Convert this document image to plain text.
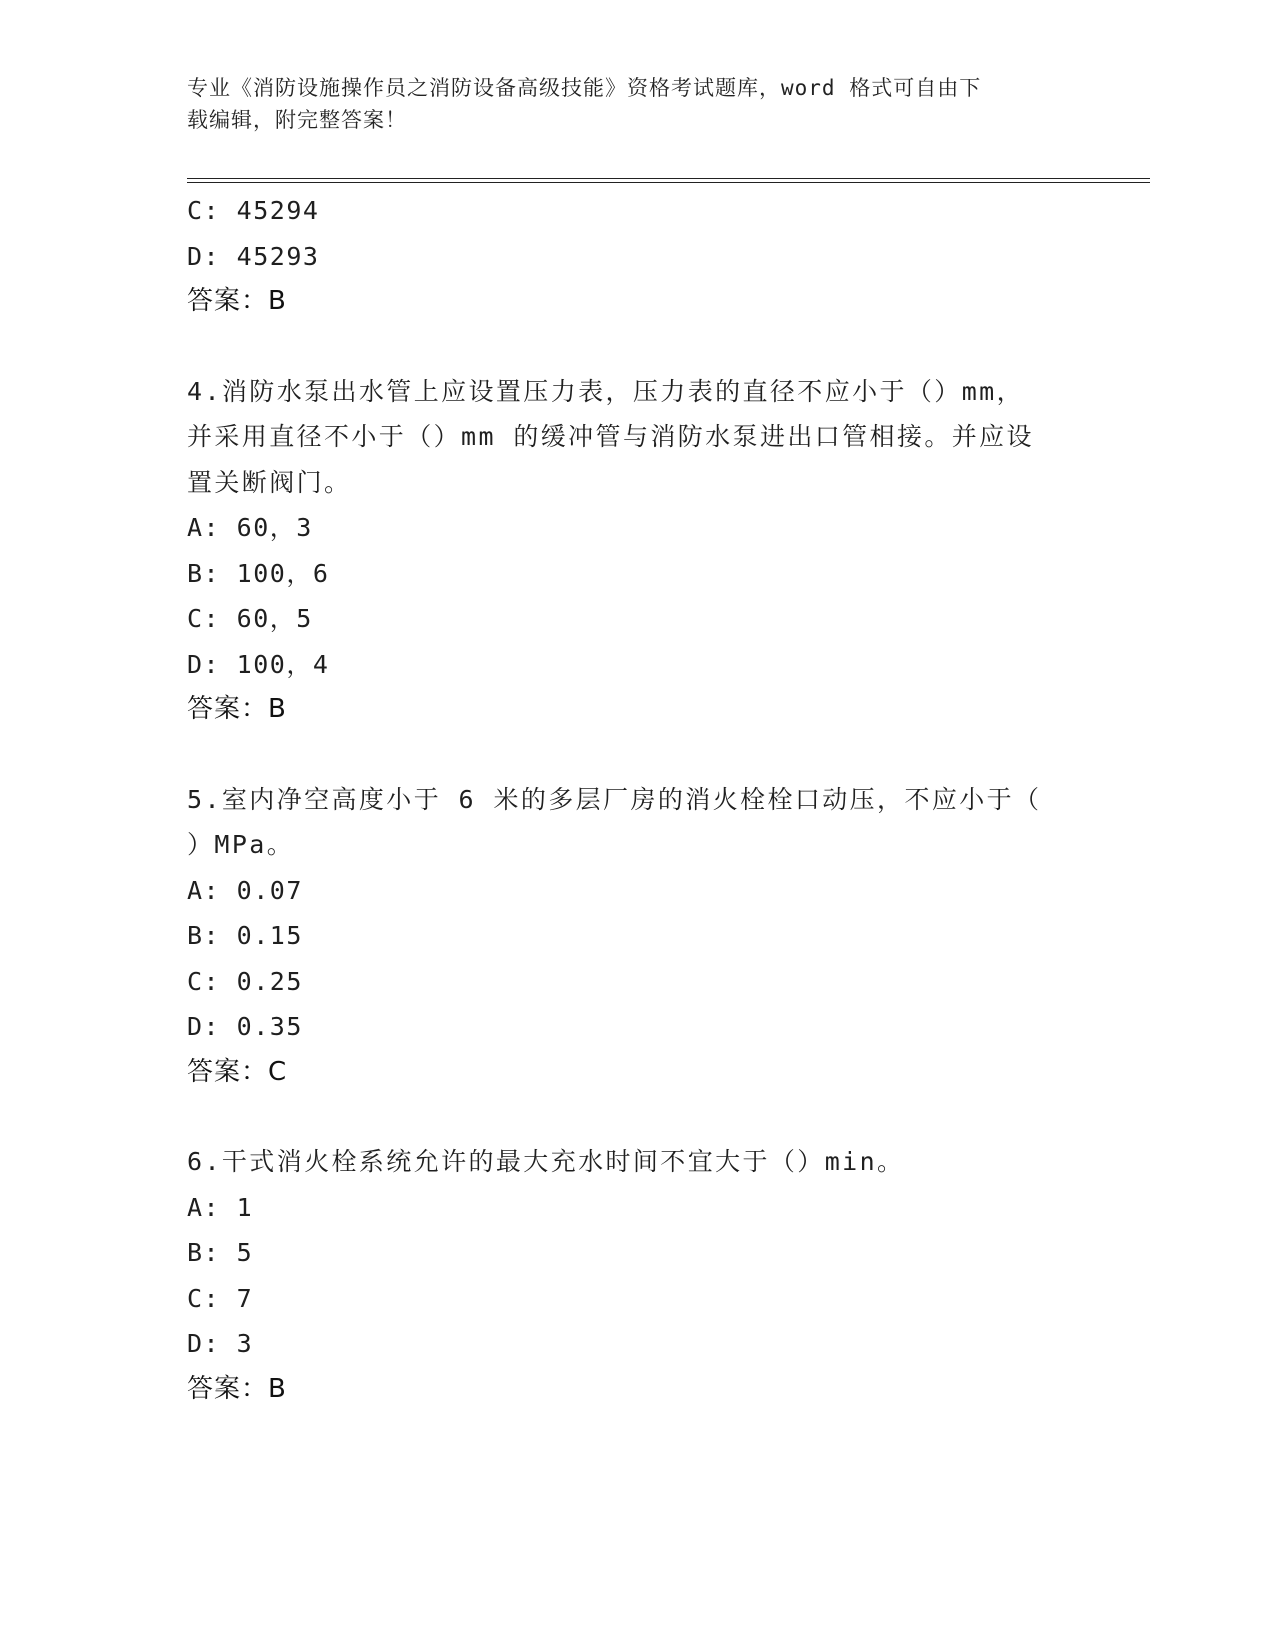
专业《消防设施操作员之消防设备高级技能》资格考试题库，word 格式可自由下
载编辑，附完整答案！
C: 45294
D: 45293
答案：B
4.消防水泵出水管上应设置压力表，压力表的直径不应小于（）mm，
并采用直径不小于（）mm 的缓冲管与消防水泵进出口管相接。并应设
置关断阀门。
A: 60，3
B: 100，6
C: 60，5
D: 100，4
答案：B
5.室内净空高度小于 6 米的多层厂房的消火栓栓口动压，不应小于（
）MPa。
A: 0.07
B: 0.15
C: 0.25
D: 0.35
答案：C
6.干式消火栓系统允许的最大充水时间不宜大于（）min。
A: 1
B: 5
C: 7
D: 3
答案：B
